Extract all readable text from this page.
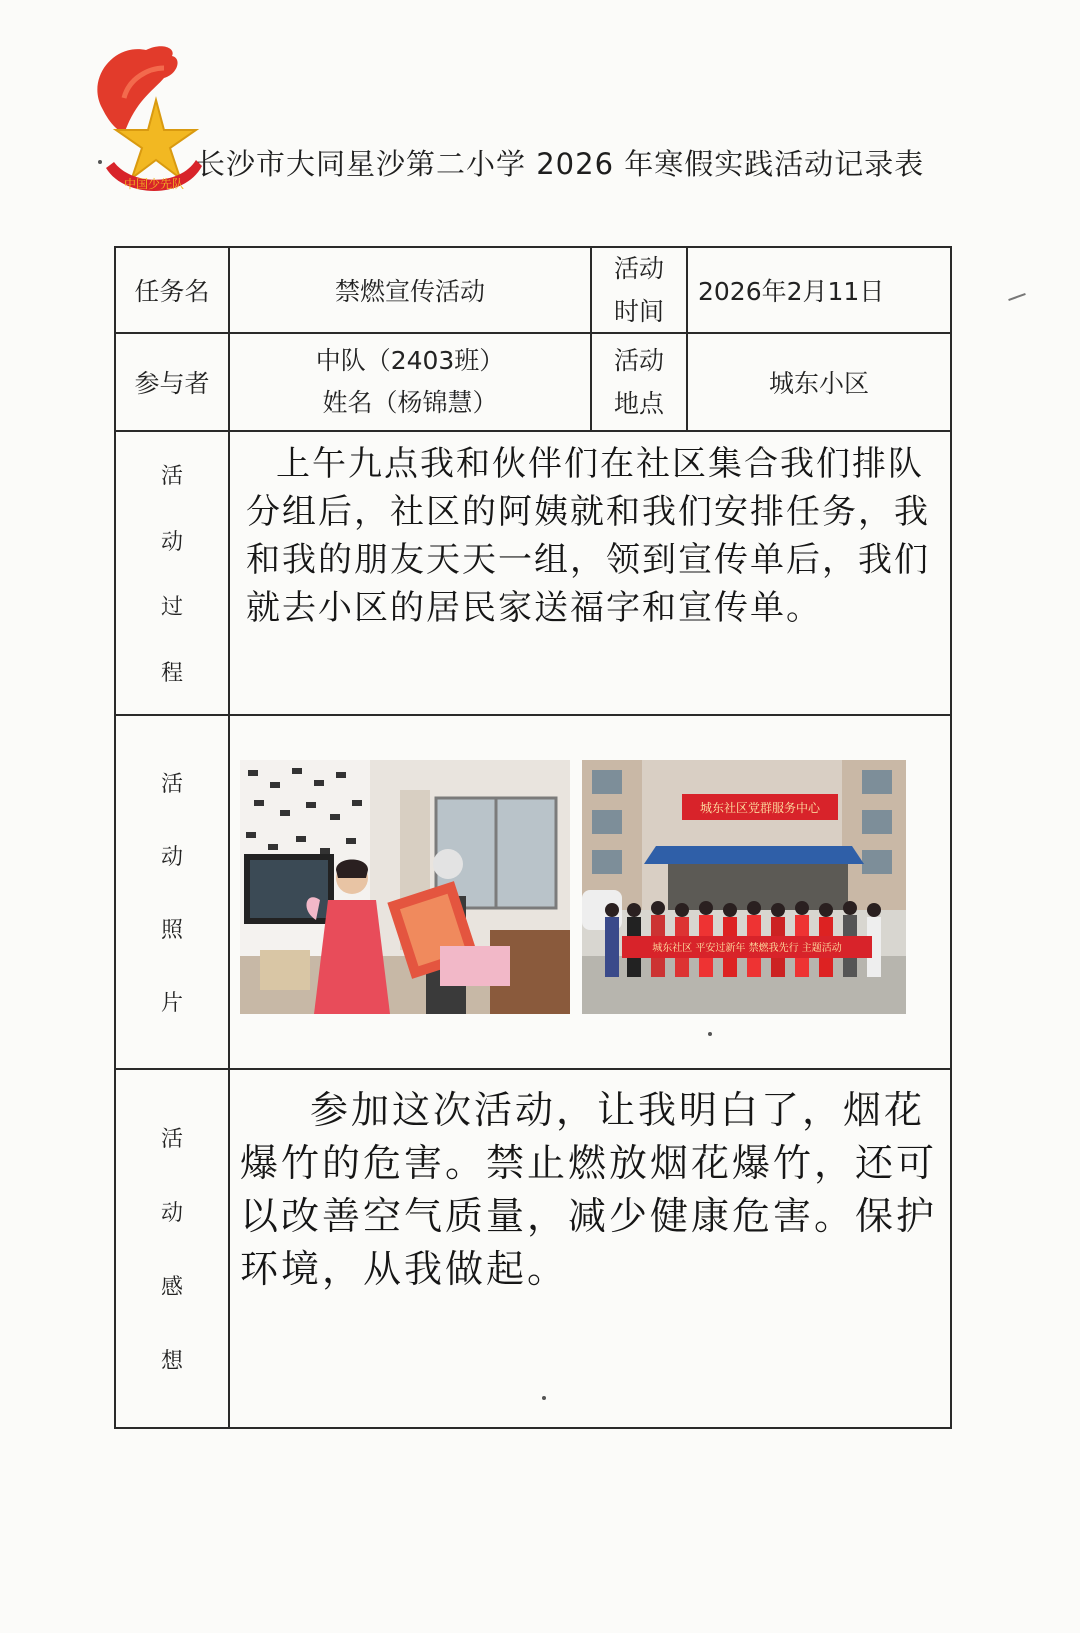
中国少先队
长沙市大同星沙第二小学 2026 年寒假实践活动记录表
任务名	禁燃宣传活动
活动时间
2026年2月11日
参与者
中队（2403班）
姓名（杨锦慧）
活动地点
城东小区
活
动
过
程
上午九点我和伙伴们在社区集合我们排队分组后，社区的阿姨就和我们安排任务，我和我的朋友天天一组，领到宣传单后，我们就去小区的居民家送福字和宣传单。
活
动
照
片
城东社区党群服务中心
城东社区 平安过新年 禁燃我先行 主题活动
活
动
感
想
参加这次活动，让我明白了，烟花爆竹的危害。禁止燃放烟花爆竹，还可以改善空气质量，减少健康危害。保护环境，从我做起。
